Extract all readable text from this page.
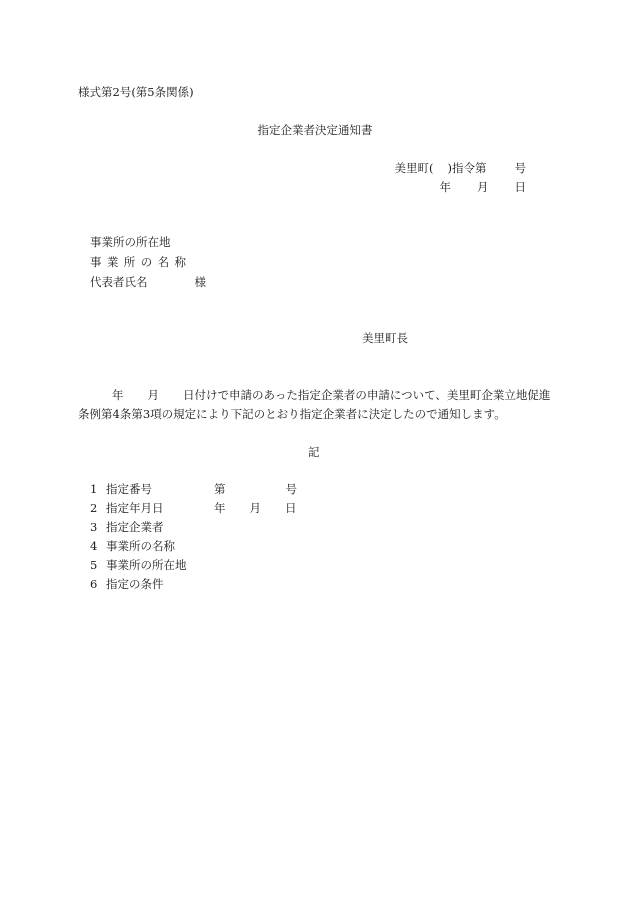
様式第2号(第5条関係)
指定企業者決定通知書
美里町( )指令第 号
年 月 日
事業所の所在地
事業所の名称
代表者氏名	様
美里町長
年 月 日付けで申請のあった指定企業者の申請について、美里町企業立地促進条例第4条第3項の規定により下記のとおり指定企業者に決定したので通知します。
記
1 指定番号	第	号
2 指定年月日	年 月 日
3 指定企業者
4 事業所の名称
5 事業所の所在地
6 指定の条件
